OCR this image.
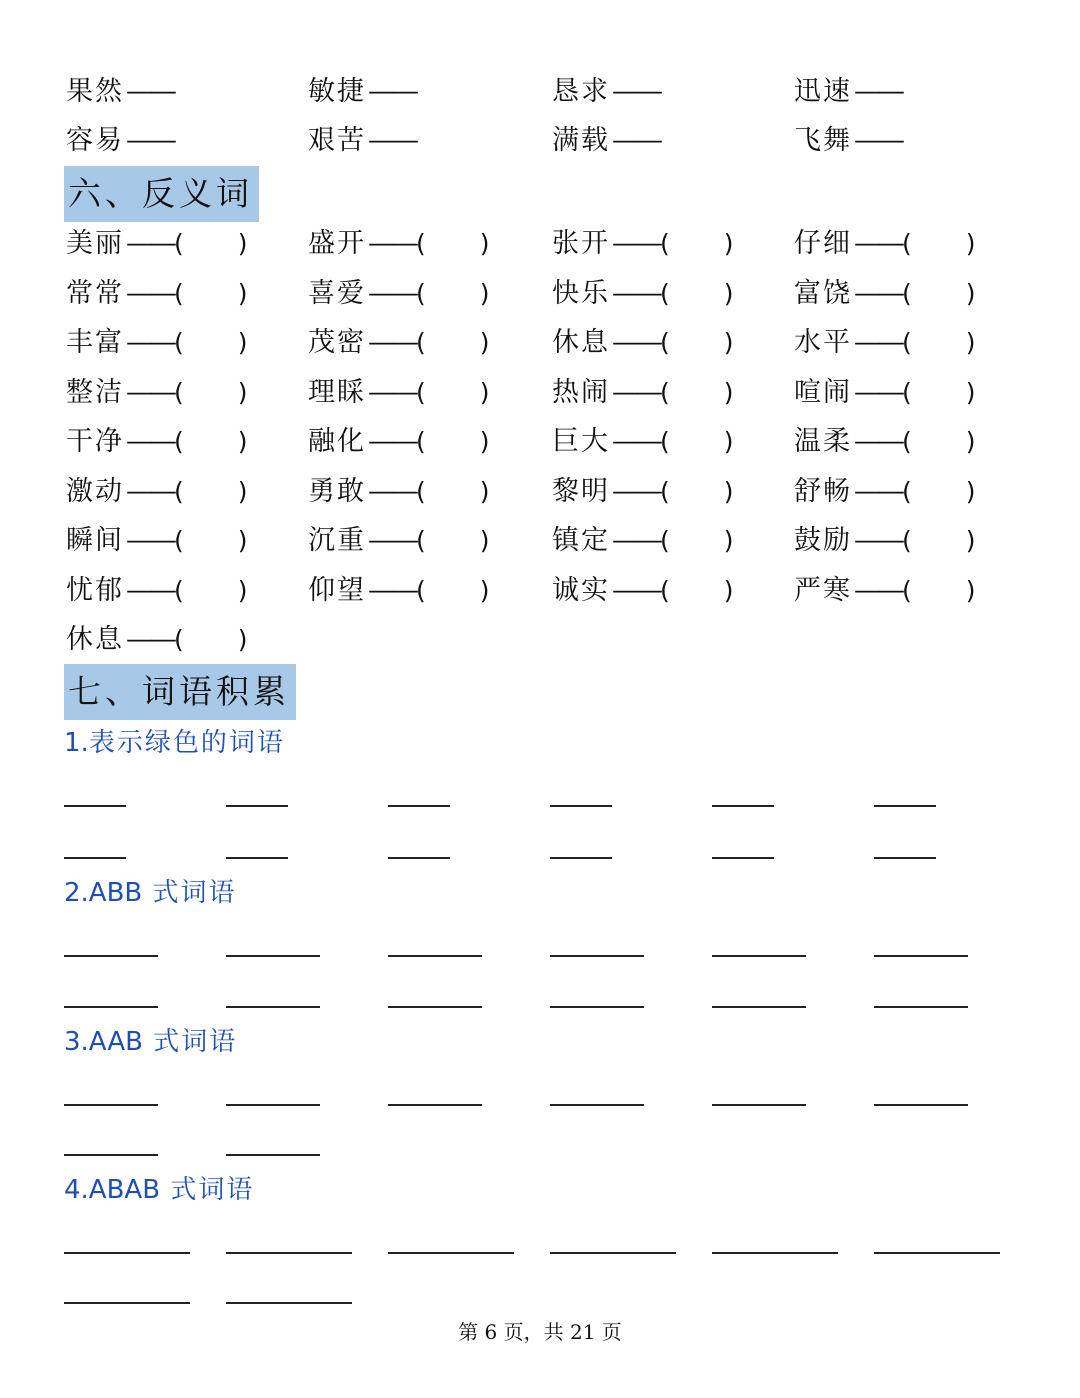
果然——	敏捷——	恳求——	迅速——
容易——	艰苦——	满载——	飞舞——
六、反义词
美丽——( ) 盛开——( ) 张开——( ) 仔细——( )
常常——( ) 喜爱——( ) 快乐——( ) 富饶——( )
丰富——( ) 茂密——( ) 休息——( ) 水平——( )
整洁——( ) 理睬——( ) 热闹——( ) 喧闹——( )
干净——( ) 融化——( ) 巨大——( ) 温柔——( )
激动——( ) 勇敢——( ) 黎明——( ) 舒畅——( )
瞬间——( ) 沉重——( ) 镇定——( ) 鼓励——( )
忧郁——( ) 仰望——( ) 诚实——( ) 严寒——( )
休息——( )
七、词语积累
1.表示绿色的词语
2.ABB 式词语
3.AAB 式词语
4.ABAB 式词语
第 6 页，共 21 页
